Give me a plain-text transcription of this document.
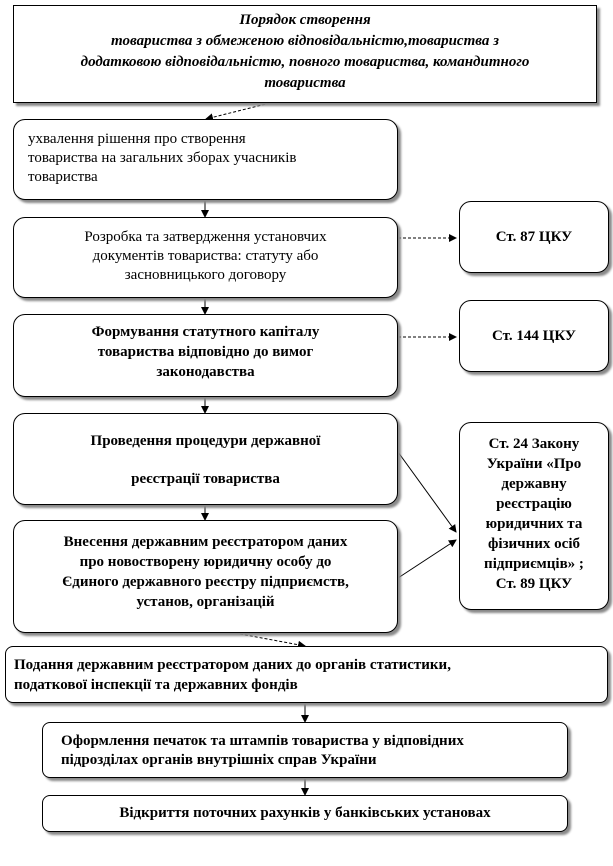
Порядок створення
товариства з обмеженою відповідальністю,товариства з
додатковою відповідальністю, повного товариства, командитного
товариства
ухвалення рішення про створення
товариства на загальних зборах учасників
товариства
Розробка та затвердження установчих
документів товариства: статуту або
засновницького договору
Формування статутного капіталу
товариства відповідно до вимог
законодавства
Проведення процедури державної
реєстрації товариства
Внесення державним реєстратором даних
про новостворену юридичну особу до
Єдиного державного реєстру підприємств,
установ, організацій
Подання державним реєстратором даних до органів статистики,
податкової інспекції та державних фондів
Оформлення печаток та штампів товариства у відповідних
підрозділах органів внутрішніх справ України
Відкриття поточних рахунків у банківських установах
Ст. 87 ЦКУ
Ст. 144 ЦКУ
Ст. 24 Закону
України «Про
державну
реєстрацію
юридичних та
фізичних осіб
підприємців» ;
Ст. 89 ЦКУ
